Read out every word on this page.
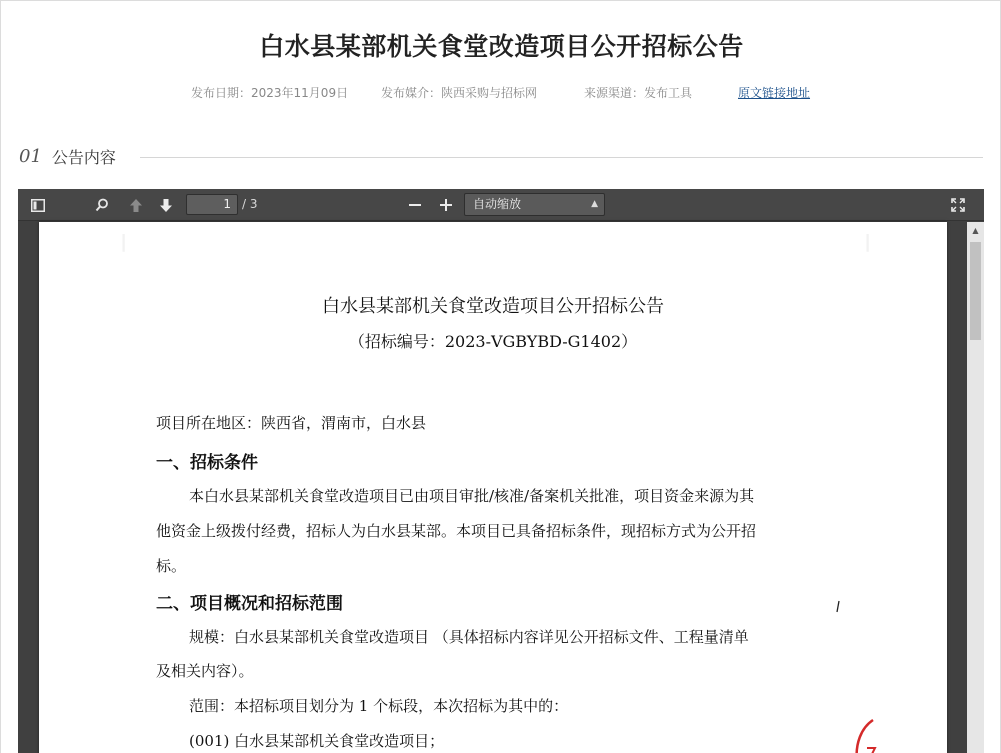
白水县某部机关食堂改造项目公开招标公告
发布日期：2023年11月09日	发布媒介：陕西采购与招标网	来源渠道：发布工具	原文链接地址
01 公告内容
1 / 3	自动缩放	▲

┃	┃
白水县某部机关食堂改造项目公开招标公告
（招标编号：2023-VGBYBD-G1402）
项目所在地区：陕西省，渭南市，白水县
一、招标条件
本白水县某部机关食堂改造项目已由项目审批/核准/备案机关批准，项目资金来源为其
他资金上级拨付经费，招标人为白水县某部。本项目已具备招标条件，现招标方式为公开招
标。
二、项目概况和招标范围
规模：白水县某部机关食堂改造项目 （具体招标内容详见公开招标文件、工程量清单
及相关内容）。
范围：本招标项目划分为 1 个标段，本次招标为其中的：
(001) 白水县某部机关食堂改造项目；
▲
